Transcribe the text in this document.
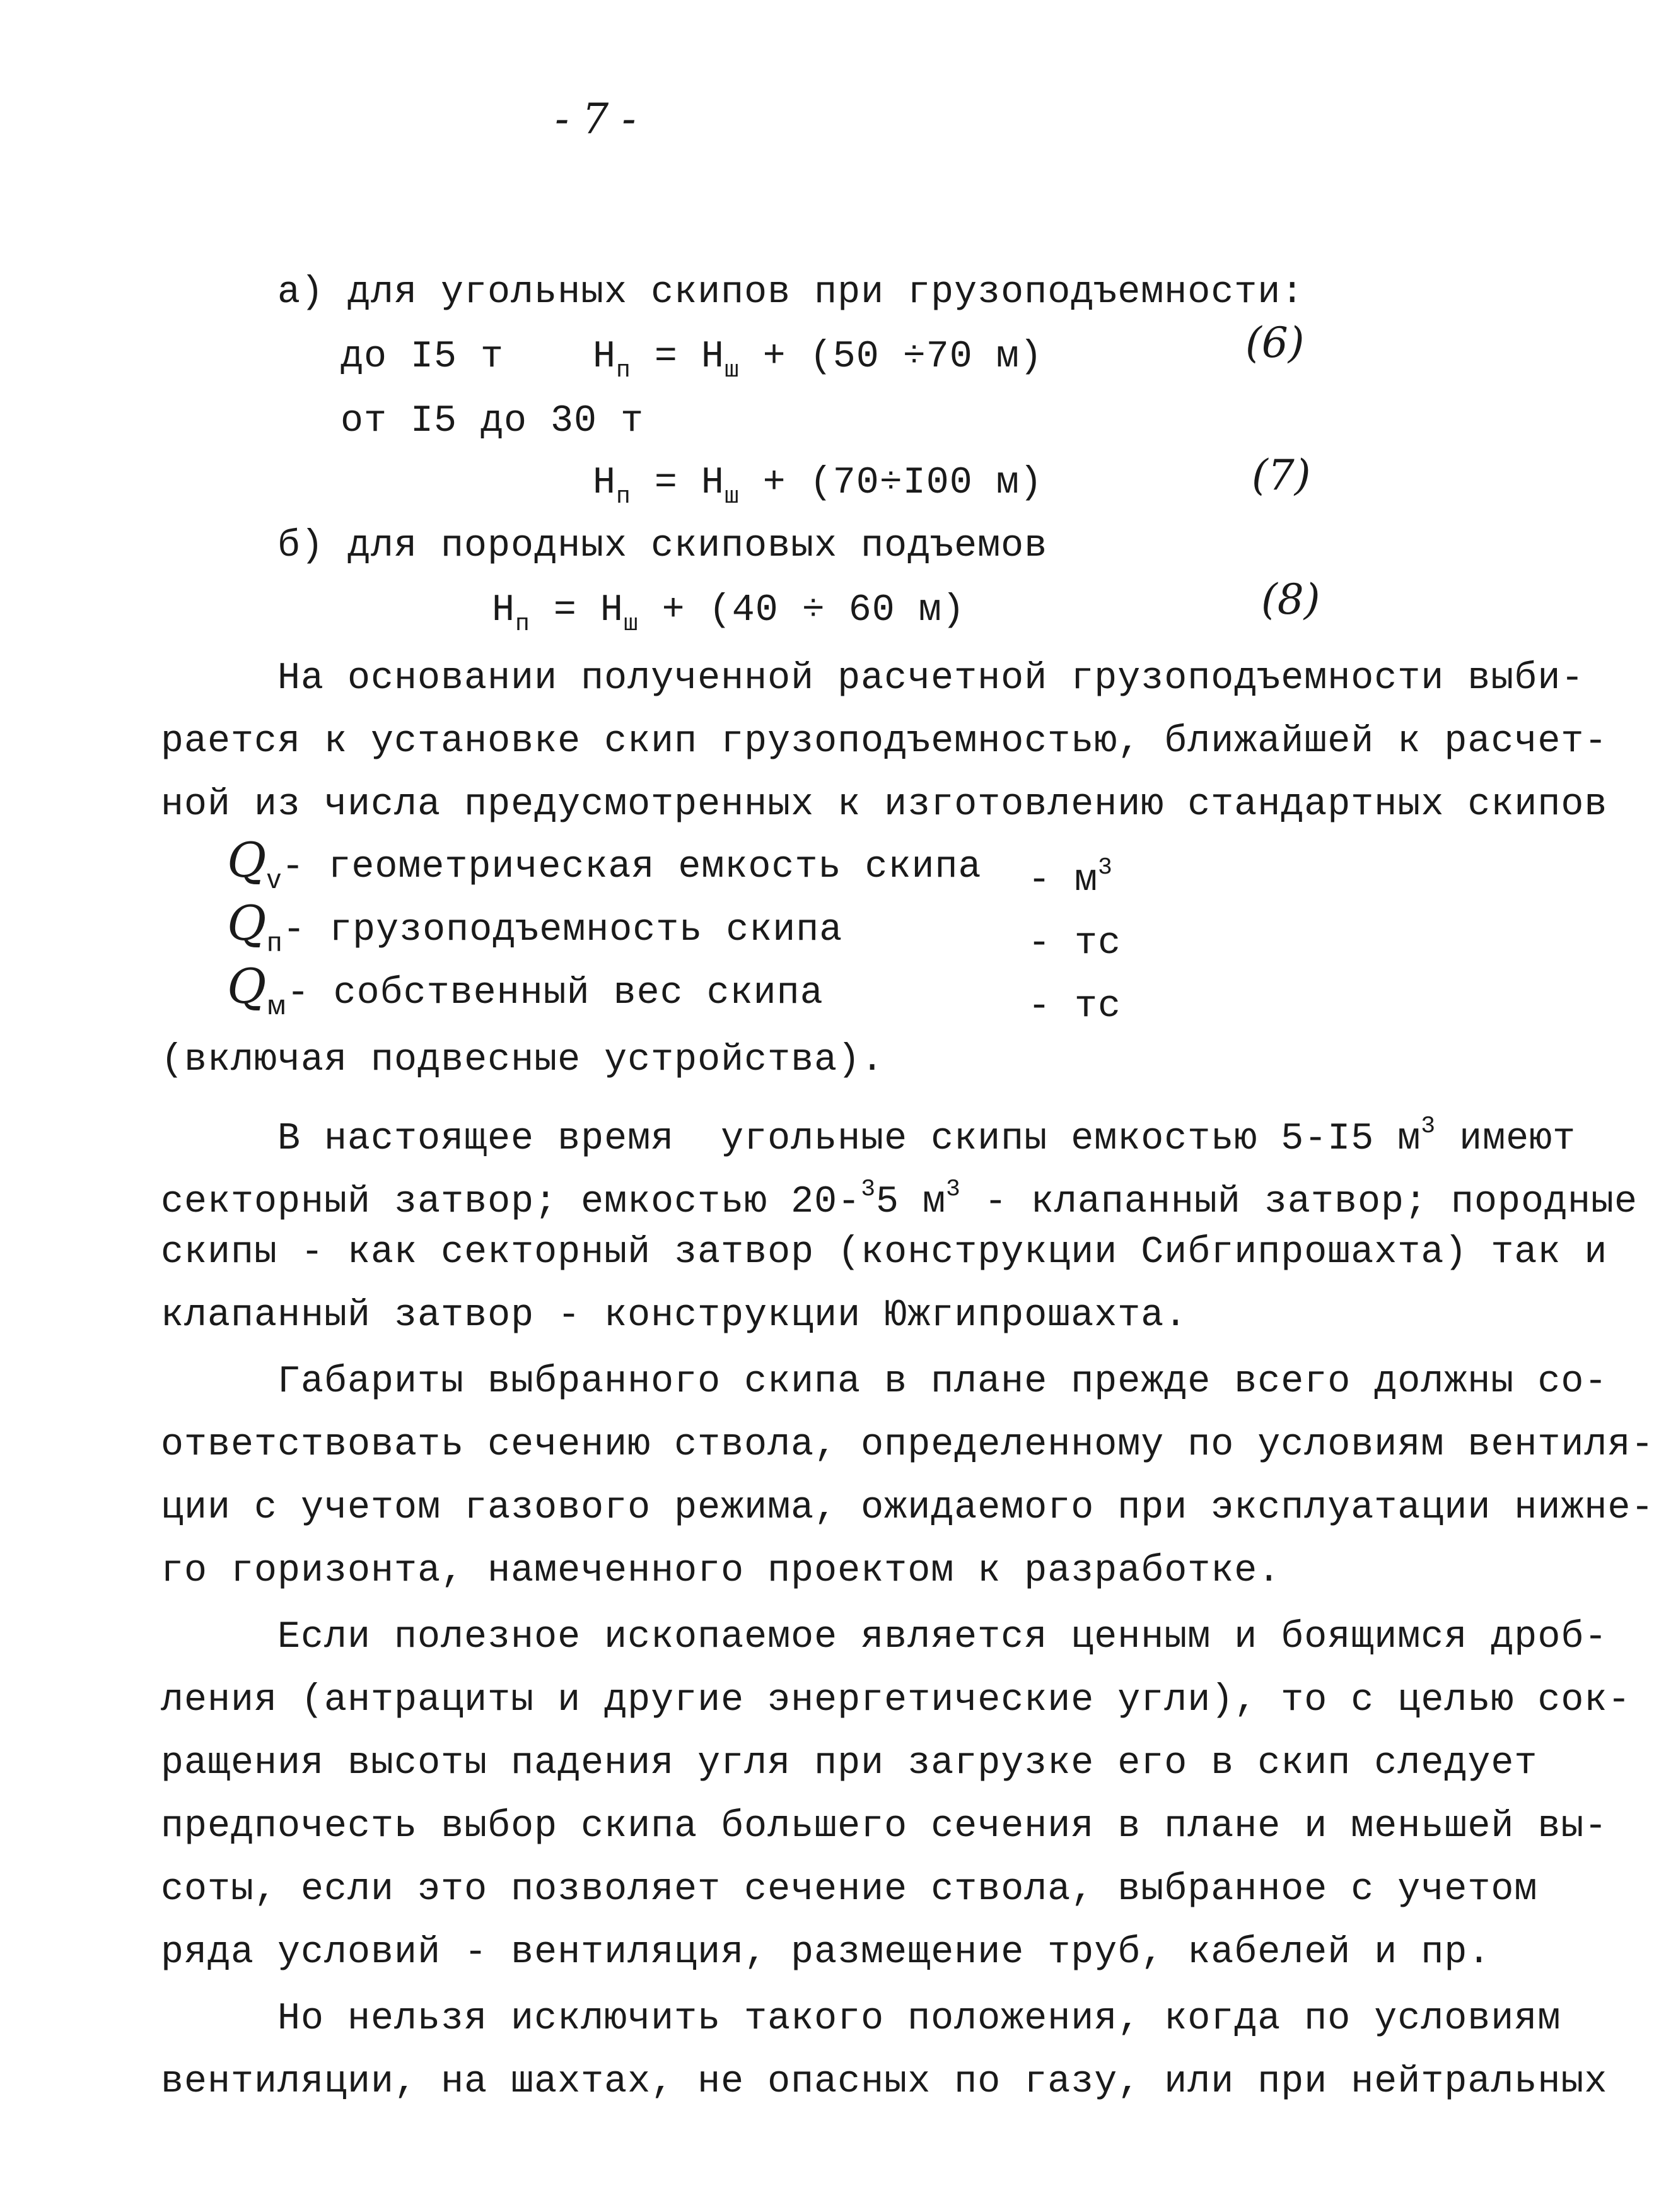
- 7 -
а) для угольных скипов при грузоподъемности:
до I5 т $Н_п = Н_ш + (50 \div 70$ м)	(6)
от I5 до 30 т
$Н_п = Н_ш + (70\div I00$ м)	(7)
б) для породных скиповых подъемов
$Н_п = Н_ш + (40 \div 60$ м)	(8)
На основании полученной расчетной грузоподъемности выби-
рается к установке скип грузоподъемностью, ближайшей к расчет-
ной из числа предусмотренных к изготовлению стандартных скипов
$Q_v-$ геометрическая емкость скипа - $м^3$
$Q_п-$ грузоподъемность скипа	- тс
$Q_м-$ собственный вес скипа	- тс
(включая подвесные устройства).
В настоящее время  угольные скипы емкостью 5-I5 $м^3$ имеют
секторный затвор; емкостью 20-$^3$5 $м^3$ - клапанный затвор; породные
скипы - как секторный затвор (конструкции Сибгипрошахта) так и
клапанный затвор - конструкции Южгипрошахта.
Габариты выбранного скипа в плане прежде всего должны со-
ответствовать сечению ствола, определенному по условиям вентиля-
ции с учетом газового режима, ожидаемого при эксплуатации нижне-
го горизонта, намеченного проектом к разработке.
Если полезное ископаемое является ценным и боящимся дроб-
ления (антрациты и другие энергетические угли), то с целью сок-
ращения высоты падения угля при загрузке его в скип следует
предпочесть выбор скипа большего сечения в плане и меньшей вы-
соты, если это позволяет сечение ствола, выбранное с учетом
ряда условий - вентиляция, размещение труб, кабелей и пр.
Но нельзя исключить такого положения, когда по условиям
вентиляции, на шахтах, не опасных по газу, или при нейтральных
